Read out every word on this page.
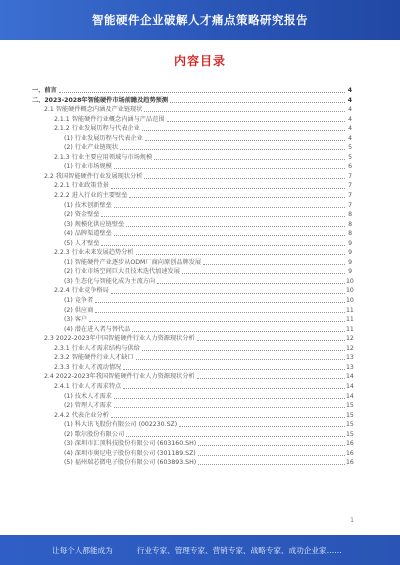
智能硬件企业破解人才痛点策略研究报告
内容目录
一、前言	4
二、2023-2028年智能硬件市场前瞻及趋势预测	4
2.1 智能硬件概念内涵及产业链现状	4
2.1.1 智能硬件行业概念内涵与产品范围	4
2.1.2 行业发展历程与代表企业	4
(1) 行业发展历程与代表企业	4
(2) 行业产业链现状	5
2.1.3 行业主要应用领域与市场规模	5
(1) 行业市场规模	6
2.2 我国智能硬件行业发展现状分析	7
2.2.1 行业政策背景	7
2.2.2 进入行业的主要壁垒	7
(1) 技术创新壁垒	7
(2) 资金壁垒	8
(3) 规模化供应链壁垒	8
(4) 品牌渠道壁垒	8
(5) 人才壁垒	9
2.2.3 行业未来发展趋势分析	9
(1) 智能硬件产业逐步从ODM厂商向原创品牌发展	9
(2) 行业市场空间巨大且技术迭代加速发展	9
(3) 生态化与智能化成为主流方向	10
2.2.4 行业竞争格局	10
(1) 竞争者	10
(2) 供应商	11
(3) 客户	11
(4) 潜在进入者与替代品	11
2.3 2022-2023年中国智能硬件行业人力资源现状分析	12
2.3.1 行业人才需求结构与供给	12
2.3.2 智能硬件行业人才缺口	13
2.3.3 行业人才流动情况	13
2.4 2022-2023年我国智能硬件行业人力资源现状分析	14
2.4.1 行业人才需求特点	14
(1) 技术人才需求	14
(2) 管理人才需求	15
2.4.2 代表企业分析	15
(1) 科大讯飞股份有限公司 (002230.SZ)	15
(2) 歌尔股份有限公司	15
(3) 深圳市汇顶科技股份有限公司 (603160.SH)	16
(4) 深圳市奥尼电子股份有限公司 (301189.SZ)	16
(5) 福州瑞芯微电子股份有限公司 (603893.SH)	16
1
让每个人都能成为	行业专家、管理专家、营销专家、战略专家、成功企业家……
